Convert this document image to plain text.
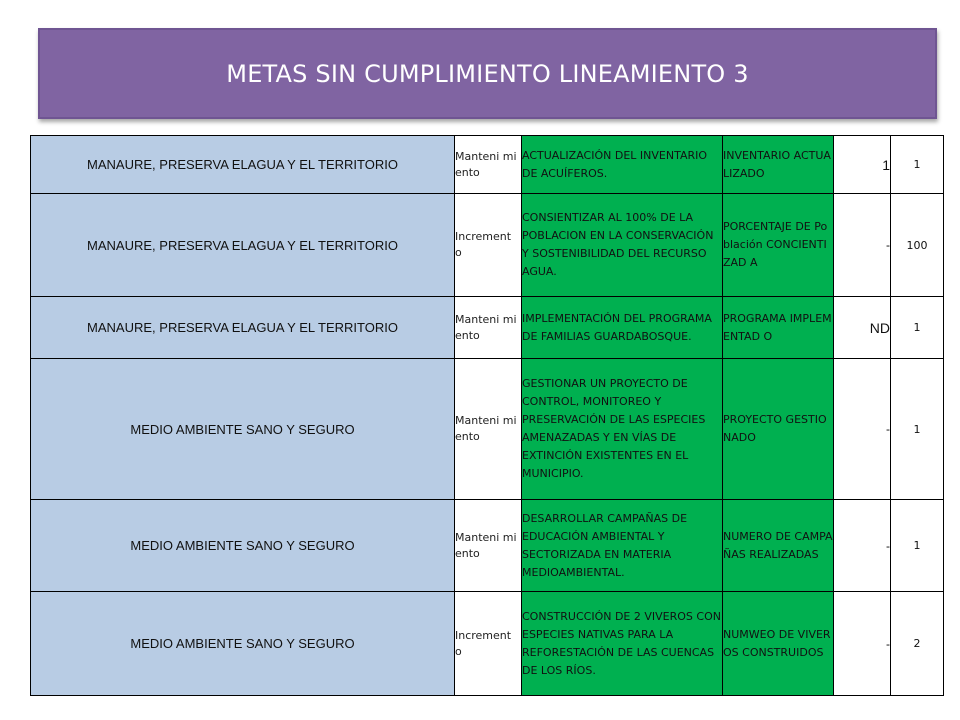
METAS SIN CUMPLIMIENTO LINEAMIENTO 3
MANAURE, PRESERVA ELAGUA Y EL TERRITORIO	Manteni miento	ACTUALIZACIÓN DEL INVENTARIO DE ACUÍFEROS.	INVENTARIO ACTUALIZADO	1	1
MANAURE, PRESERVA ELAGUA Y EL TERRITORIO	Increment o	CONSIENTIZAR AL 100% DE LA POBLACION EN LA CONSERVACIÓN Y SOSTENIBILIDAD DEL RECURSO AGUA.	PORCENTAJE DE Población CONCIENTIZAD A	-	100
MANAURE, PRESERVA ELAGUA Y EL TERRITORIO	Manteni miento	IMPLEMENTACIÓN DEL PROGRAMA DE FAMILIAS GUARDABOSQUE.	PROGRAMA IMPLEMENTAD O	ND	1
MEDIO AMBIENTE SANO Y SEGURO	Manteni miento	GESTIONAR UN PROYECTO DE CONTROL, MONITOREO Y PRESERVACIÓN DE LAS ESPECIES AMENAZADAS Y EN VÍAS DE EXTINCIÓN EXISTENTES EN EL MUNICIPIO.	PROYECTO GESTIONADO	-	1
MEDIO AMBIENTE SANO Y SEGURO	Manteni miento	DESARROLLAR CAMPAÑAS DE EDUCACIÓN AMBIENTAL Y SECTORIZADA EN MATERIA MEDIOAMBIENTAL.	NUMERO DE CAMPAÑAS REALIZADAS	-	1
MEDIO AMBIENTE SANO Y SEGURO	Increment o	CONSTRUCCIÓN DE 2 VIVEROS CON ESPECIES NATIVAS PARA LA REFORESTACIÓN DE LAS CUENCAS DE LOS RÍOS.	NUMWEO DE VIVEROS CONSTRUIDOS	-	2
